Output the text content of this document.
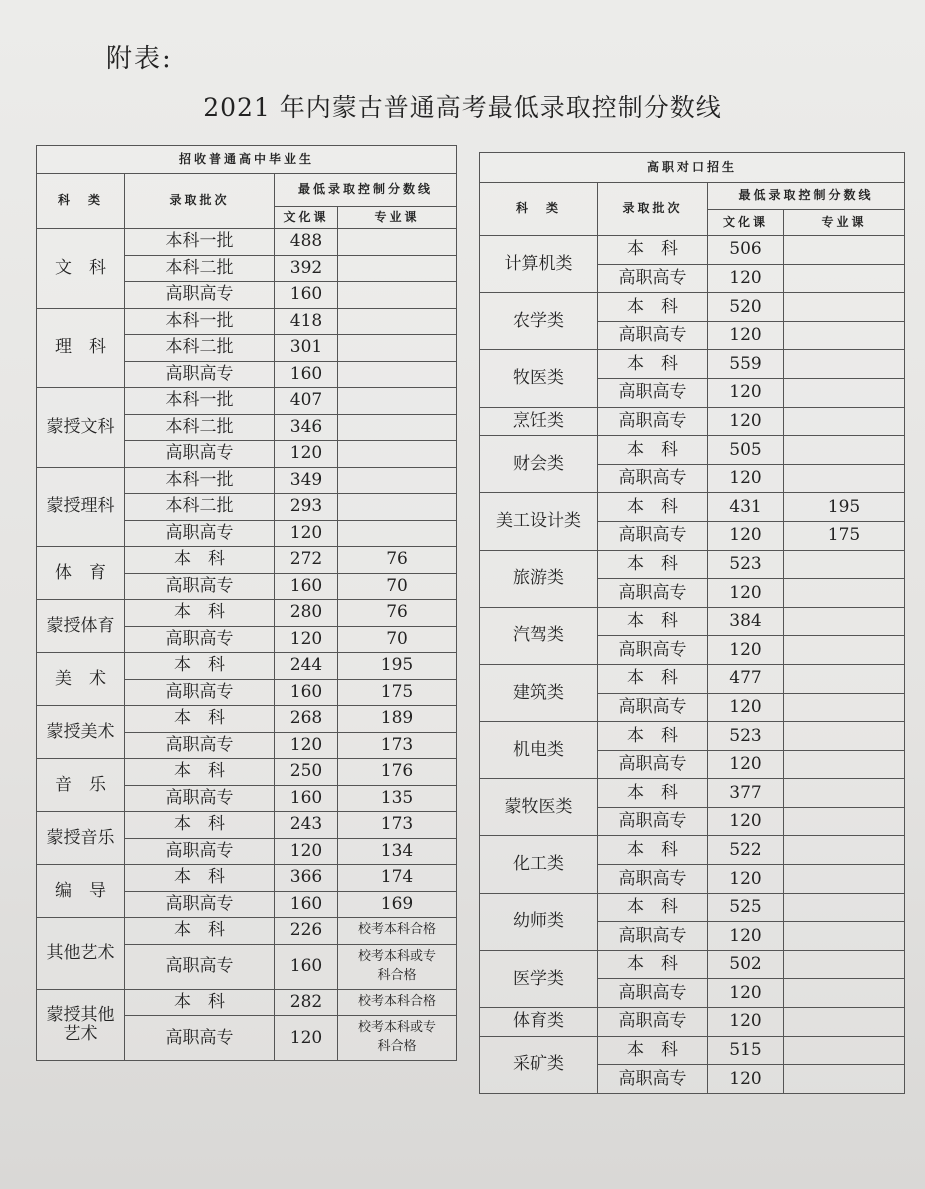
附表:
2021 年内蒙古普通高考最低录取控制分数线
招收普通高中毕业生			
科　类	录取批次	最低录取控制分数线	
		文化课	专业课
文　科	本科一批	488	
	本科二批	392	
	高职高专	160	
理　科	本科一批	418	
	本科二批	301	
	高职高专	160	
蒙授文科	本科一批	407	
	本科二批	346	
	高职高专	120	
蒙授理科	本科一批	349	
	本科二批	293	
	高职高专	120	
体　育	本　科	272	76
	高职高专	160	70
蒙授体育	本　科	280	76
	高职高专	120	70
美　术	本　科	244	195
	高职高专	160	175
蒙授美术	本　科	268	189
	高职高专	120	173
音　乐	本　科	250	176
	高职高专	160	135
蒙授音乐	本　科	243	173
	高职高专	120	134
编　导	本　科	366	174
	高职高专	160	169
其他艺术	本　科	226	校考本科合格
	高职高专	160	校考本科或专科合格
蒙授其他艺术	本　科	282	校考本科合格
	高职高专	120	校考本科或专科合格
高职对口招生			
科　类	录取批次	最低录取控制分数线	
		文化课	专业课
计算机类	本　科	506	
	高职高专	120	
农学类	本　科	520	
	高职高专	120	
牧医类	本　科	559	
	高职高专	120	
烹饪类	高职高专	120	
财会类	本　科	505	
	高职高专	120	
美工设计类	本　科	431	195
	高职高专	120	175
旅游类	本　科	523	
	高职高专	120	
汽驾类	本　科	384	
	高职高专	120	
建筑类	本　科	477	
	高职高专	120	
机电类	本　科	523	
	高职高专	120	
蒙牧医类	本　科	377	
	高职高专	120	
化工类	本　科	522	
	高职高专	120	
幼师类	本　科	525	
	高职高专	120	
医学类	本　科	502	
	高职高专	120	
体育类	高职高专	120	
采矿类	本　科	515	
	高职高专	120	
